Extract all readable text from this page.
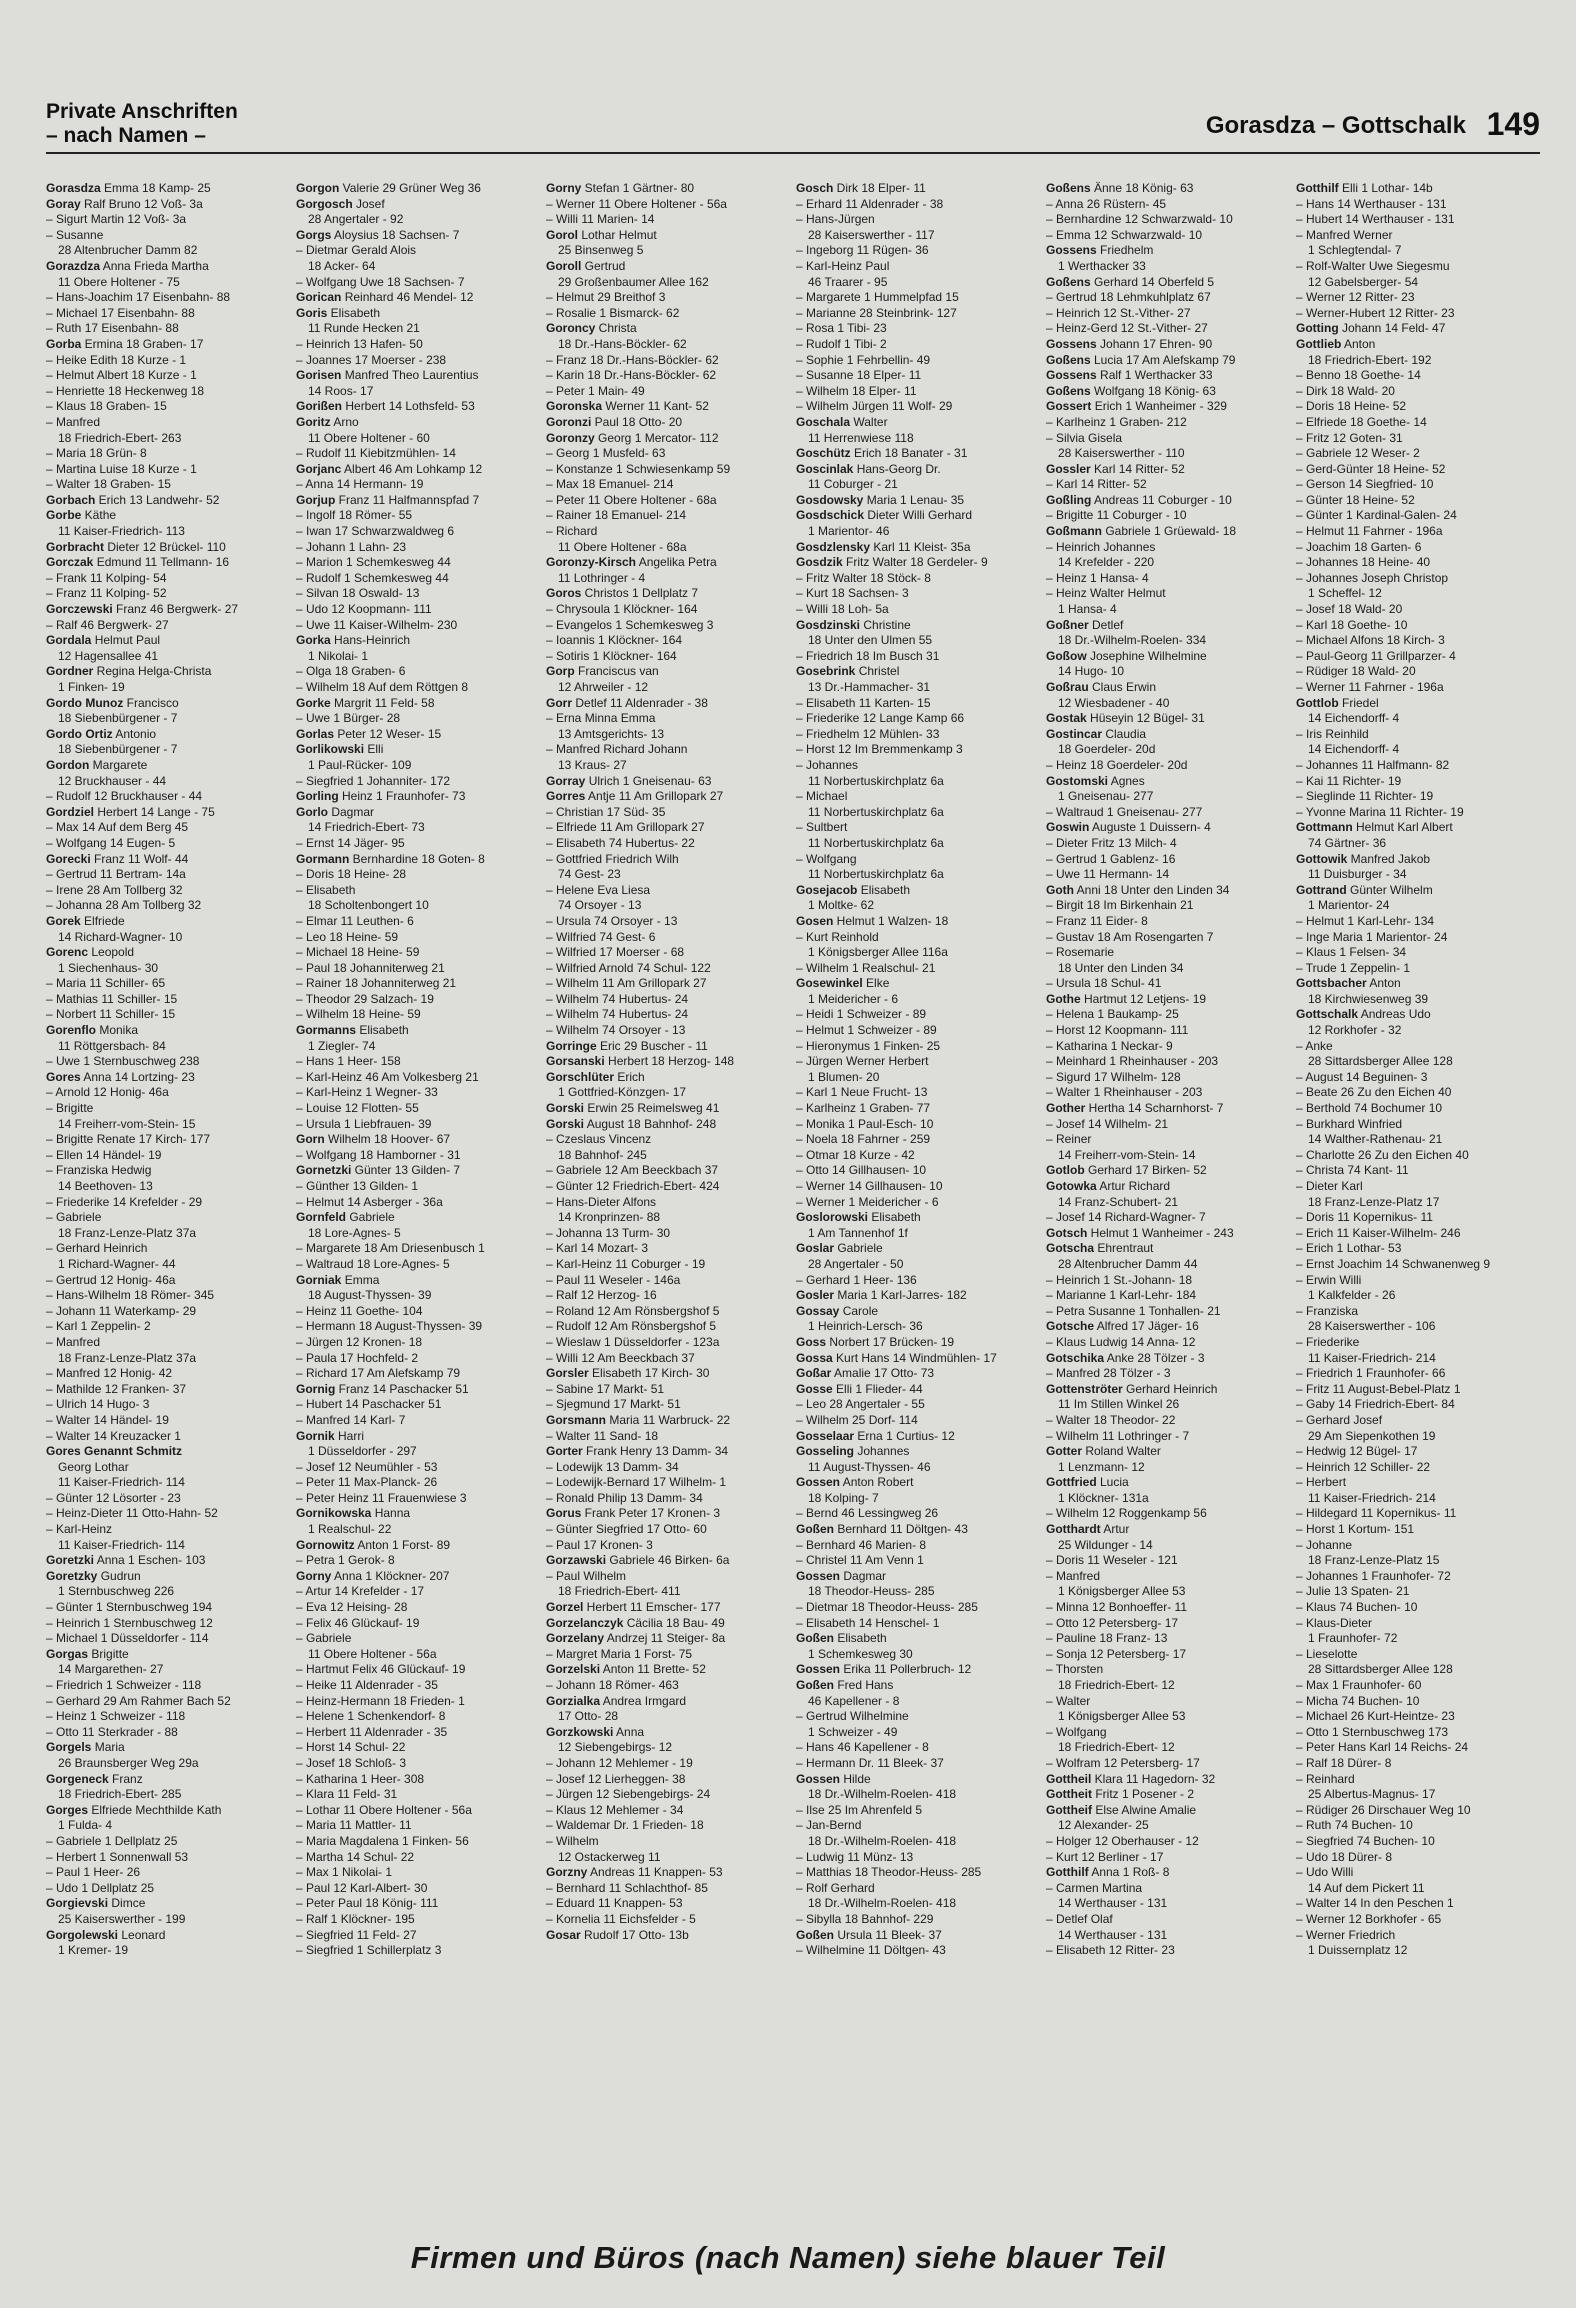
Private Anschriften
– nach Namen –	Gorasdza – Gottschalk 149
Gorasdza Emma 18 Kamp- 25
Goray Ralf Bruno 12 Voß- 3a
– Sigurt Martin 12 Voß- 3a
– Susanne
28 Altenbrucher Damm 82
Gorazdza Anna Frieda Martha
11 Obere Holtener - 75
– Hans-Joachim 17 Eisenbahn- 88
– Michael 17 Eisenbahn- 88
– Ruth 17 Eisenbahn- 88
Gorba Ermina 18 Graben- 17
– Heike Edith 18 Kurze - 1
– Helmut Albert 18 Kurze - 1
– Henriette 18 Heckenweg 18
– Klaus 18 Graben- 15
– Manfred
18 Friedrich-Ebert- 263
– Maria 18 Grün- 8
– Martina Luise 18 Kurze - 1
– Walter 18 Graben- 15
Gorbach Erich 13 Landwehr- 52
Gorbe Käthe
11 Kaiser-Friedrich- 113
Gorbracht Dieter 12 Brückel- 110
Gorczak Edmund 11 Tellmann- 16
– Frank 11 Kolping- 54
– Franz 11 Kolping- 52
Gorczewski Franz 46 Bergwerk- 27
– Ralf 46 Bergwerk- 27
Gordala Helmut Paul
12 Hagensallee 41
Gordner Regina Helga-Christa
1 Finken- 19
Gordo Munoz Francisco
18 Siebenbürgener - 7
Gordo Ortiz Antonio
18 Siebenbürgener - 7
Gordon Margarete
12 Bruckhauser - 44
– Rudolf 12 Bruckhauser - 44
Gordziel Herbert 14 Lange - 75
– Max 14 Auf dem Berg 45
– Wolfgang 14 Eugen- 5
Gorecki Franz 11 Wolf- 44
– Gertrud 11 Bertram- 14a
– Irene 28 Am Tollberg 32
– Johanna 28 Am Tollberg 32
Gorek Elfriede
14 Richard-Wagner- 10
Gorenc Leopold
1 Siechenhaus- 30
– Maria 11 Schiller- 65
– Mathias 11 Schiller- 15
– Norbert 11 Schiller- 15
Gorenflo Monika
11 Röttgersbach- 84
– Uwe 1 Sternbuschweg 238
Gores Anna 14 Lortzing- 23
– Arnold 12 Honig- 46a
– Brigitte
14 Freiherr-vom-Stein- 15
– Brigitte Renate 17 Kirch- 177
– Ellen 14 Händel- 19
– Franziska Hedwig
14 Beethoven- 13
– Friederike 14 Krefelder - 29
– Gabriele
18 Franz-Lenze-Platz 37a
– Gerhard Heinrich
1 Richard-Wagner- 44
– Gertrud 12 Honig- 46a
– Hans-Wilhelm 18 Römer- 345
– Johann 11 Waterkamp- 29
– Karl 1 Zeppelin- 2
– Manfred
18 Franz-Lenze-Platz 37a
– Manfred 12 Honig- 42
– Mathilde 12 Franken- 37
– Ulrich 14 Hugo- 3
– Walter 14 Händel- 19
– Walter 14 Kreuzacker 1
Gores Genannt Schmitz
Georg Lothar
11 Kaiser-Friedrich- 114
– Günter 12 Lösorter - 23
– Heinz-Dieter 11 Otto-Hahn- 52
– Karl-Heinz
11 Kaiser-Friedrich- 114
Goretzki Anna 1 Eschen- 103
Goretzky Gudrun
1 Sternbuschweg 226
– Günter 1 Sternbuschweg 194
– Heinrich 1 Sternbuschweg 12
– Michael 1 Düsseldorfer - 114
Gorgas Brigitte
14 Margarethen- 27
– Friedrich 1 Schweizer - 118
– Gerhard 29 Am Rahmer Bach 52
– Heinz 1 Schweizer - 118
– Otto 11 Sterkrader - 88
Gorgels Maria
26 Braunsberger Weg 29a
Gorgeneck Franz
18 Friedrich-Ebert- 285
Gorges Elfriede Mechthilde Kath
1 Fulda- 4
– Gabriele 1 Dellplatz 25
– Herbert 1 Sonnenwall 53
– Paul 1 Heer- 26
– Udo 1 Dellplatz 25
Gorgievski Dimce
25 Kaiserswerther - 199
Gorgolewski Leonard
1 Kremer- 19
Gorgon Valerie 29 Grüner Weg 36
Gorgosch Josef
28 Angertaler - 92
Gorgs Aloysius 18 Sachsen- 7
– Dietmar Gerald Alois
18 Acker- 64
– Wolfgang Uwe 18 Sachsen- 7
Gorican Reinhard 46 Mendel- 12
Goris Elisabeth
11 Runde Hecken 21
– Heinrich 13 Hafen- 50
– Joannes 17 Moerser - 238
Gorisen Manfred Theo Laurentius
14 Roos- 17
Gorißen Herbert 14 Lothsfeld- 53
Goritz Arno
11 Obere Holtener - 60
– Rudolf 11 Kiebitzmühlen- 14
Gorjanc Albert 46 Am Lohkamp 12
– Anna 14 Hermann- 19
Gorjup Franz 11 Halfmannspfad 7
– Ingolf 18 Römer- 55
– Iwan 17 Schwarzwaldweg 6
– Johann 1 Lahn- 23
– Marion 1 Schemkesweg 44
– Rudolf 1 Schemkesweg 44
– Silvan 18 Oswald- 13
– Udo 12 Koopmann- 111
– Uwe 11 Kaiser-Wilhelm- 230
Gorka Hans-Heinrich
1 Nikolai- 1
– Olga 18 Graben- 6
– Wilhelm 18 Auf dem Röttgen 8
Gorke Margrit 11 Feld- 58
– Uwe 1 Bürger- 28
Gorlas Peter 12 Weser- 15
Gorlikowski Elli
1 Paul-Rücker- 109
– Siegfried 1 Johanniter- 172
Gorling Heinz 1 Fraunhofer- 73
Gorlo Dagmar
14 Friedrich-Ebert- 73
– Ernst 14 Jäger- 95
Gormann Bernhardine 18 Goten- 8
– Doris 18 Heine- 28
– Elisabeth
18 Scholtenbongert 10
– Elmar 11 Leuthen- 6
– Leo 18 Heine- 59
– Michael 18 Heine- 59
– Paul 18 Johanniterweg 21
– Rainer 18 Johanniterweg 21
– Theodor 29 Salzach- 19
– Wilhelm 18 Heine- 59
Gormanns Elisabeth
1 Ziegler- 74
– Hans 1 Heer- 158
– Karl-Heinz 46 Am Volkesberg 21
– Karl-Heinz 1 Wegner- 33
– Louise 12 Flotten- 55
– Ursula 1 Liebfrauen- 39
Gorn Wilhelm 18 Hoover- 67
– Wolfgang 18 Hamborner - 31
Gornetzki Günter 13 Gilden- 7
– Günther 13 Gilden- 1
– Helmut 14 Asberger - 36a
Gornfeld Gabriele
18 Lore-Agnes- 5
– Margarete 18 Am Driesenbusch 1
– Waltraud 18 Lore-Agnes- 5
Gorniak Emma
18 August-Thyssen- 39
– Heinz 11 Goethe- 104
– Hermann 18 August-Thyssen- 39
– Jürgen 12 Kronen- 18
– Paula 17 Hochfeld- 2
– Richard 17 Am Alefskamp 79
Gornig Franz 14 Paschacker 51
– Hubert 14 Paschacker 51
– Manfred 14 Karl- 7
Gornik Harri
1 Düsseldorfer - 297
– Josef 12 Neumühler - 53
– Peter 11 Max-Planck- 26
– Peter Heinz 11 Frauenwiese 3
Gornikowska Hanna
1 Realschul- 22
Gornowitz Anton 1 Forst- 89
– Petra 1 Gerok- 8
Gorny Anna 1 Klöckner- 207
– Artur 14 Krefelder - 17
– Eva 12 Heising- 28
– Felix 46 Glückauf- 19
– Gabriele
11 Obere Holtener - 56a
– Hartmut Felix 46 Glückauf- 19
– Heike 11 Aldenrader - 35
– Heinz-Hermann 18 Frieden- 1
– Helene 1 Schenkendorf- 8
– Herbert 11 Aldenrader - 35
– Horst 14 Schul- 22
– Josef 18 Schloß- 3
– Katharina 1 Heer- 308
– Klara 11 Feld- 31
– Lothar 11 Obere Holtener - 56a
– Maria 11 Mattler- 11
– Maria Magdalena 1 Finken- 56
– Martha 14 Schul- 22
– Max 1 Nikolai- 1
– Paul 12 Karl-Albert- 30
– Peter Paul 18 König- 111
– Ralf 1 Klöckner- 195
– Siegfried 11 Feld- 27
– Siegfried 1 Schillerplatz 3
Gorny Stefan 1 Gärtner- 80
– Werner 11 Obere Holtener - 56a
– Willi 11 Marien- 14
Gorol Lothar Helmut
25 Binsenweg 5
Goroll Gertrud
29 Großenbaumer Allee 162
– Helmut 29 Breithof 3
– Rosalie 1 Bismarck- 62
Goroncy Christa
18 Dr.-Hans-Böckler- 62
– Franz 18 Dr.-Hans-Böckler- 62
– Karin 18 Dr.-Hans-Böckler- 62
– Peter 1 Main- 49
Goronska Werner 11 Kant- 52
Goronzi Paul 18 Otto- 20
Goronzy Georg 1 Mercator- 112
– Georg 1 Musfeld- 63
– Konstanze 1 Schwiesenkamp 59
– Max 18 Emanuel- 214
– Peter 11 Obere Holtener - 68a
– Rainer 18 Emanuel- 214
– Richard
11 Obere Holtener - 68a
Goronzy-Kirsch Angelika Petra
11 Lothringer - 4
Goros Christos 1 Dellplatz 7
– Chrysoula 1 Klöckner- 164
– Evangelos 1 Schemkesweg 3
– Ioannis 1 Klöckner- 164
– Sotiris 1 Klöckner- 164
Gorp Franciscus van
12 Ahrweiler - 12
Gorr Detlef 11 Aldenrader - 38
– Erna Minna Emma
13 Amtsgerichts- 13
– Manfred Richard Johann
13 Kraus- 27
Gorray Ulrich 1 Gneisenau- 63
Gorres Antje 11 Am Grillopark 27
– Christian 17 Süd- 35
– Elfriede 11 Am Grillopark 27
– Elisabeth 74 Hubertus- 22
– Gottfried Friedrich Wilh
74 Gest- 23
– Helene Eva Liesa
74 Orsoyer - 13
– Ursula 74 Orsoyer - 13
– Wilfried 74 Gest- 6
– Wilfried 17 Moerser - 68
– Wilfried Arnold 74 Schul- 122
– Wilhelm 11 Am Grillopark 27
– Wilhelm 74 Hubertus- 24
– Wilhelm 74 Hubertus- 24
– Wilhelm 74 Orsoyer - 13
Gorringe Eric 29 Buscher - 11
Gorsanski Herbert 18 Herzog- 148
Gorschlüter Erich
1 Gottfried-Könzgen- 17
Gorski Erwin 25 Reimelsweg 41
Gorski August 18 Bahnhof- 248
– Czeslaus Vincenz
18 Bahnhof- 245
– Gabriele 12 Am Beeckbach 37
– Günter 12 Friedrich-Ebert- 424
– Hans-Dieter Alfons
14 Kronprinzen- 88
– Johanna 13 Turm- 30
– Karl 14 Mozart- 3
– Karl-Heinz 11 Coburger - 19
– Paul 11 Weseler - 146a
– Ralf 12 Herzog- 16
– Roland 12 Am Rönsbergshof 5
– Rudolf 12 Am Rönsbergshof 5
– Wieslaw 1 Düsseldorfer - 123a
– Willi 12 Am Beeckbach 37
Gorsler Elisabeth 17 Kirch- 30
– Sabine 17 Markt- 51
– Sjegmund 17 Markt- 51
Gorsmann Maria 11 Warbruck- 22
– Walter 11 Sand- 18
Gorter Frank Henry 13 Damm- 34
– Lodewijk 13 Damm- 34
– Lodewijk-Bernard 17 Wilhelm- 1
– Ronald Philip 13 Damm- 34
Gorus Frank Peter 17 Kronen- 3
– Günter Siegfried 17 Otto- 60
– Paul 17 Kronen- 3
Gorzawski Gabriele 46 Birken- 6a
– Paul Wilhelm
18 Friedrich-Ebert- 411
Gorzel Herbert 11 Emscher- 177
Gorzelanczyk Cäcilia 18 Bau- 49
Gorzelany Andrzej 11 Steiger- 8a
– Margret Maria 1 Forst- 75
Gorzelski Anton 11 Brette- 52
– Johann 18 Römer- 463
Gorzialka Andrea Irmgard
17 Otto- 28
Gorzkowski Anna
12 Siebengebirgs- 12
– Johann 12 Mehlemer - 19
– Josef 12 Lierheggen- 38
– Jürgen 12 Siebengebirgs- 24
– Klaus 12 Mehlemer - 34
– Waldemar Dr. 1 Frieden- 18
– Wilhelm
12 Ostackerweg 11
Gorzny Andreas 11 Knappen- 53
– Bernhard 11 Schlachthof- 85
– Eduard 11 Knappen- 53
– Kornelia 11 Eichsfelder - 5
Gosar Rudolf 17 Otto- 13b
Gosch Dirk 18 Elper- 11
– Erhard 11 Aldenrader - 38
– Hans-Jürgen
28 Kaiserswerther - 117
– Ingeborg 11 Rügen- 36
– Karl-Heinz Paul
46 Traarer - 95
– Margarete 1 Hummelpfad 15
– Marianne 28 Steinbrink- 127
– Rosa 1 Tibi- 23
– Rudolf 1 Tibi- 2
– Sophie 1 Fehrbellin- 49
– Susanne 18 Elper- 11
– Wilhelm 18 Elper- 11
– Wilhelm Jürgen 11 Wolf- 29
Goschala Walter
11 Herrenwiese 118
Goschütz Erich 18 Banater - 31
Goscinlak Hans-Georg Dr.
11 Coburger - 21
Gosdowsky Maria 1 Lenau- 35
Gosdschick Dieter Willi Gerhard
1 Marientor- 46
Gosdzlensky Karl 11 Kleist- 35a
Gosdzik Fritz Walter 18 Gerdeler- 9
– Fritz Walter 18 Stöck- 8
– Kurt 18 Sachsen- 3
– Willi 18 Loh- 5a
Gosdzinski Christine
18 Unter den Ulmen 55
– Friedrich 18 Im Busch 31
Gosebrink Christel
13 Dr.-Hammacher- 31
– Elisabeth 11 Karten- 15
– Friederike 12 Lange Kamp 66
– Friedhelm 12 Mühlen- 33
– Horst 12 Im Bremmenkamp 3
– Johannes
11 Norbertuskirchplatz 6a
– Michael
11 Norbertuskirchplatz 6a
– Sultbert
11 Norbertuskirchplatz 6a
– Wolfgang
11 Norbertuskirchplatz 6a
Gosejacob Elisabeth
1 Moltke- 62
Gosen Helmut 1 Walzen- 18
– Kurt Reinhold
1 Königsberger Allee 116a
– Wilhelm 1 Realschul- 21
Gosewinkel Elke
1 Meidericher - 6
– Heidi 1 Schweizer - 89
– Helmut 1 Schweizer - 89
– Hieronymus 1 Finken- 25
– Jürgen Werner Herbert
1 Blumen- 20
– Karl 1 Neue Frucht- 13
– Karlheinz 1 Graben- 77
– Monika 1 Paul-Esch- 10
– Noela 18 Fahrner - 259
– Otmar 18 Kurze - 42
– Otto 14 Gillhausen- 10
– Werner 14 Gillhausen- 10
– Werner 1 Meidericher - 6
Goslorowski Elisabeth
1 Am Tannenhof 1f
Goslar Gabriele
28 Angertaler - 50
– Gerhard 1 Heer- 136
Gosler Maria 1 Karl-Jarres- 182
Gossay Carole
1 Heinrich-Lersch- 36
Goss Norbert 17 Brücken- 19
Gossa Kurt Hans 14 Windmühlen- 17
Goßar Amalie 17 Otto- 73
Gosse Elli 1 Flieder- 44
– Leo 28 Angertaler - 55
– Wilhelm 25 Dorf- 114
Gosselaar Erna 1 Curtius- 12
Gosseling Johannes
11 August-Thyssen- 46
Gossen Anton Robert
18 Kolping- 7
– Bernd 46 Lessingweg 26
Goßen Bernhard 11 Döltgen- 43
– Bernhard 46 Marien- 8
– Christel 11 Am Venn 1
Gossen Dagmar
18 Theodor-Heuss- 285
– Dietmar 18 Theodor-Heuss- 285
– Elisabeth 14 Henschel- 1
Goßen Elisabeth
1 Schemkesweg 30
Gossen Erika 11 Pollerbruch- 12
Goßen Fred Hans
46 Kapellener - 8
– Gertrud Wilhelmine
1 Schweizer - 49
– Hans 46 Kapellener - 8
– Hermann Dr. 11 Bleek- 37
Gossen Hilde
18 Dr.-Wilhelm-Roelen- 418
– Ilse 25 Im Ahrenfeld 5
– Jan-Bernd
18 Dr.-Wilhelm-Roelen- 418
– Ludwig 11 Münz- 13
– Matthias 18 Theodor-Heuss- 285
– Rolf Gerhard
18 Dr.-Wilhelm-Roelen- 418
– Sibylla 18 Bahnhof- 229
Goßen Ursula 11 Bleek- 37
– Wilhelmine 11 Döltgen- 43
Goßens Änne 18 König- 63
– Anna 26 Rüstern- 45
– Bernhardine 12 Schwarzwald- 10
– Emma 12 Schwarzwald- 10
Gossens Friedhelm
1 Werthacker 33
Goßens Gerhard 14 Oberfeld 5
– Gertrud 18 Lehmkuhlplatz 67
– Heinrich 12 St.-Vither- 27
– Heinz-Gerd 12 St.-Vither- 27
Gossens Johann 17 Ehren- 90
Goßens Lucia 17 Am Alefskamp 79
Gossens Ralf 1 Werthacker 33
Goßens Wolfgang 18 König- 63
Gossert Erich 1 Wanheimer - 329
– Karlheinz 1 Graben- 212
– Silvia Gisela
28 Kaiserswerther - 110
Gossler Karl 14 Ritter- 52
– Karl 14 Ritter- 52
Goßling Andreas 11 Coburger - 10
– Brigitte 11 Coburger - 10
Goßmann Gabriele 1 Grüewald- 18
– Heinrich Johannes
14 Krefelder - 220
– Heinz 1 Hansa- 4
– Heinz Walter Helmut
1 Hansa- 4
Goßner Detlef
18 Dr.-Wilhelm-Roelen- 334
Goßow Josephine Wilhelmine
14 Hugo- 10
Goßrau Claus Erwin
12 Wiesbadener - 40
Gostak Hüseyin 12 Bügel- 31
Gostincar Claudia
18 Goerdeler- 20d
– Heinz 18 Goerdeler- 20d
Gostomski Agnes
1 Gneisenau- 277
– Waltraud 1 Gneisenau- 277
Goswin Auguste 1 Duissern- 4
– Dieter Fritz 13 Milch- 4
– Gertrud 1 Gablenz- 16
– Uwe 11 Hermann- 14
Goth Anni 18 Unter den Linden 34
– Birgit 18 Im Birkenhain 21
– Franz 11 Eider- 8
– Gustav 18 Am Rosengarten 7
– Rosemarie
18 Unter den Linden 34
– Ursula 18 Schul- 41
Gothe Hartmut 12 Letjens- 19
– Helena 1 Baukamp- 25
– Horst 12 Koopmann- 111
– Katharina 1 Neckar- 9
– Meinhard 1 Rheinhauser - 203
– Sigurd 17 Wilhelm- 128
– Walter 1 Rheinhauser - 203
Gother Hertha 14 Scharnhorst- 7
– Josef 14 Wilhelm- 21
– Reiner
14 Freiherr-vom-Stein- 14
Gotlob Gerhard 17 Birken- 52
Gotowka Artur Richard
14 Franz-Schubert- 21
– Josef 14 Richard-Wagner- 7
Gotsch Helmut 1 Wanheimer - 243
Gotscha Ehrentraut
28 Altenbrucher Damm 44
– Heinrich 1 St.-Johann- 18
– Marianne 1 Karl-Lehr- 184
– Petra Susanne 1 Tonhallen- 21
Gotsche Alfred 17 Jäger- 16
– Klaus Ludwig 14 Anna- 12
Gotschika Anke 28 Tölzer - 3
– Manfred 28 Tölzer - 3
Gottenströter Gerhard Heinrich
11 Im Stillen Winkel 26
– Walter 18 Theodor- 22
– Wilhelm 11 Lothringer - 7
Gotter Roland Walter
1 Lenzmann- 12
Gottfried Lucia
1 Klöckner- 131a
– Wilhelm 12 Roggenkamp 56
Gotthardt Artur
25 Wildunger - 14
– Doris 11 Weseler - 121
– Manfred
1 Königsberger Allee 53
– Minna 12 Bonhoeffer- 11
– Otto 12 Petersberg- 17
– Pauline 18 Franz- 13
– Sonja 12 Petersberg- 17
– Thorsten
18 Friedrich-Ebert- 12
– Walter
1 Königsberger Allee 53
– Wolfgang
18 Friedrich-Ebert- 12
– Wolfram 12 Petersberg- 17
Gottheil Klara 11 Hagedorn- 32
Gottheit Fritz 1 Posener - 2
Gottheif Else Alwine Amalie
12 Alexander- 25
– Holger 12 Oberhauser - 12
– Kurt 12 Berliner - 17
Gotthilf Anna 1 Roß- 8
– Carmen Martina
14 Werthauser - 131
– Detlef Olaf
14 Werthauser - 131
– Elisabeth 12 Ritter- 23
Gotthilf Elli 1 Lothar- 14b
– Hans 14 Werthauser - 131
– Hubert 14 Werthauser - 131
– Manfred Werner
1 Schlegtendal- 7
– Rolf-Walter Uwe Siegesmu
12 Gabelsberger- 54
– Werner 12 Ritter- 23
– Werner-Hubert 12 Ritter- 23
Gotting Johann 14 Feld- 47
Gottlieb Anton
18 Friedrich-Ebert- 192
– Benno 18 Goethe- 14
– Dirk 18 Wald- 20
– Doris 18 Heine- 52
– Elfriede 18 Goethe- 14
– Fritz 12 Goten- 31
– Gabriele 12 Weser- 2
– Gerd-Günter 18 Heine- 52
– Gerson 14 Siegfried- 10
– Günter 18 Heine- 52
– Günter 1 Kardinal-Galen- 24
– Helmut 11 Fahrner - 196a
– Joachim 18 Garten- 6
– Johannes 18 Heine- 40
– Johannes Joseph Christop
1 Scheffel- 12
– Josef 18 Wald- 20
– Karl 18 Goethe- 10
– Michael Alfons 18 Kirch- 3
– Paul-Georg 11 Grillparzer- 4
– Rüdiger 18 Wald- 20
– Werner 11 Fahrner - 196a
Gottlob Friedel
14 Eichendorff- 4
– Iris Reinhild
14 Eichendorff- 4
– Johannes 11 Halfmann- 82
– Kai 11 Richter- 19
– Sieglinde 11 Richter- 19
– Yvonne Marina 11 Richter- 19
Gottmann Helmut Karl Albert
74 Gärtner- 36
Gottowik Manfred Jakob
11 Duisburger - 34
Gottrand Günter Wilhelm
1 Marientor- 24
– Helmut 1 Karl-Lehr- 134
– Inge Maria 1 Marientor- 24
– Klaus 1 Felsen- 34
– Trude 1 Zeppelin- 1
Gottsbacher Anton
18 Kirchwiesenweg 39
Gottschalk Andreas Udo
12 Rorkhofer - 32
– Anke
28 Sittardsberger Allee 128
– August 14 Beguinen- 3
– Beate 26 Zu den Eichen 40
– Berthold 74 Bochumer 10
– Burkhard Winfried
14 Walther-Rathenau- 21
– Charlotte 26 Zu den Eichen 40
– Christa 74 Kant- 11
– Dieter Karl
18 Franz-Lenze-Platz 17
– Doris 11 Kopernikus- 11
– Erich 11 Kaiser-Wilhelm- 246
– Erich 1 Lothar- 53
– Ernst Joachim 14 Schwanenweg 9
– Erwin Willi
1 Kalkfelder - 26
– Franziska
28 Kaiserswerther - 106
– Friederike
11 Kaiser-Friedrich- 214
– Friedrich 1 Fraunhofer- 66
– Fritz 11 August-Bebel-Platz 1
– Gaby 14 Friedrich-Ebert- 84
– Gerhard Josef
29 Am Siepenkothen 19
– Hedwig 12 Bügel- 17
– Heinrich 12 Schiller- 22
– Herbert
11 Kaiser-Friedrich- 214
– Hildegard 11 Kopernikus- 11
– Horst 1 Kortum- 151
– Johanne
18 Franz-Lenze-Platz 15
– Johannes 1 Fraunhofer- 72
– Julie 13 Spaten- 21
– Klaus 74 Buchen- 10
– Klaus-Dieter
1 Fraunhofer- 72
– Lieselotte
28 Sittardsberger Allee 128
– Max 1 Fraunhofer- 60
– Micha 74 Buchen- 10
– Michael 26 Kurt-Heintze- 23
– Otto 1 Sternbuschweg 173
– Peter Hans Karl 14 Reichs- 24
– Ralf 18 Dürer- 8
– Reinhard
25 Albertus-Magnus- 17
– Rüdiger 26 Dirschauer Weg 10
– Ruth 74 Buchen- 10
– Siegfried 74 Buchen- 10
– Udo 18 Dürer- 8
– Udo Willi
14 Auf dem Pickert 11
– Walter 14 In den Peschen 1
– Werner 12 Borkhofer - 65
– Werner Friedrich
1 Duissernplatz 12
Firmen und Büros (nach Namen) siehe blauer Teil
